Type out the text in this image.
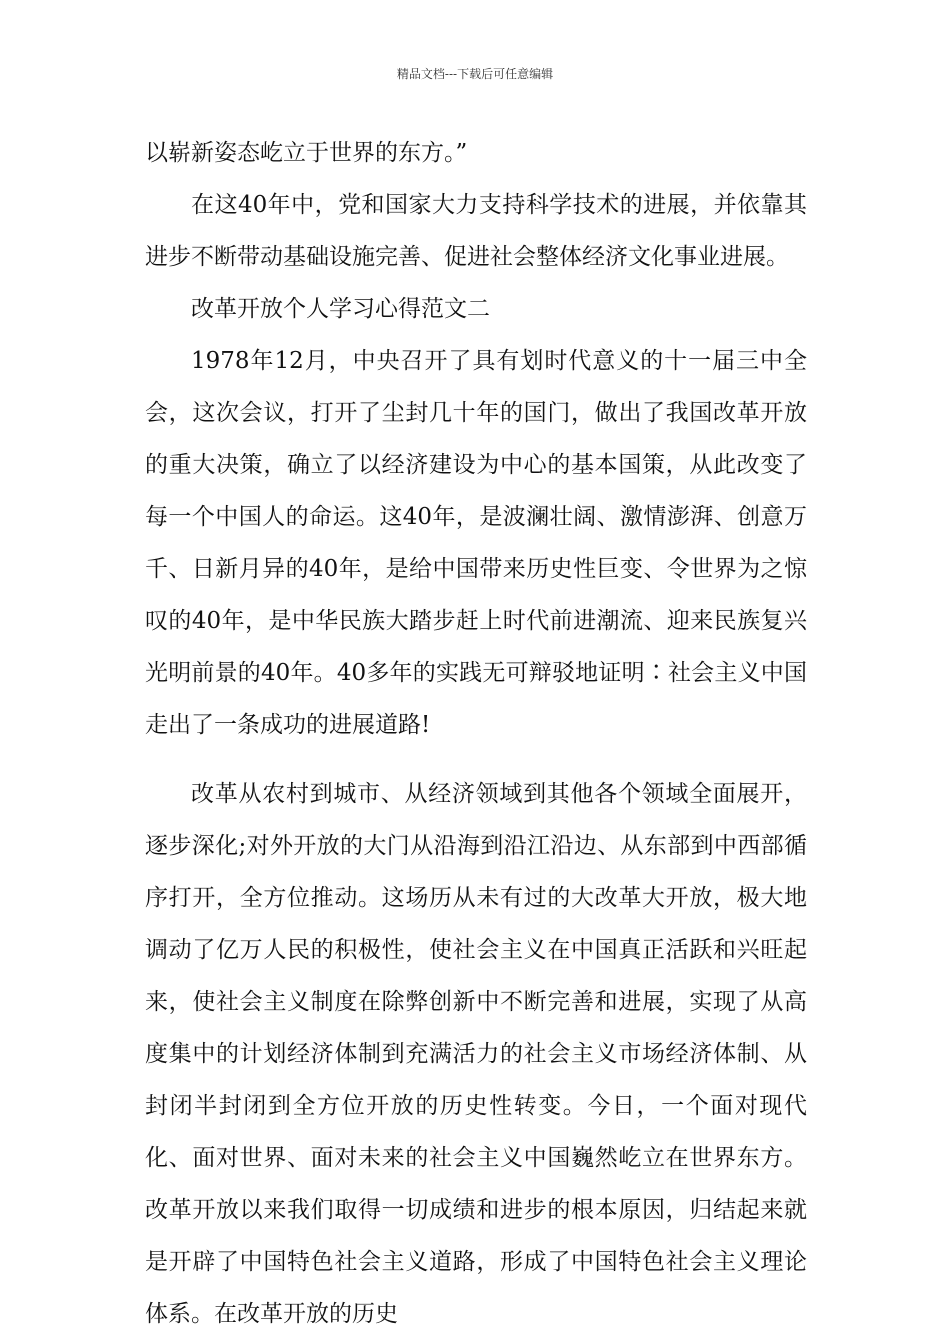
精品文档---下载后可任意编辑

以崭新姿态屹立于世界的东方。”

在这40年中，党和国家大力支持科学技术的进展，并依靠其进步不断带动基础设施完善、促进社会整体经济文化事业进展。

改革开放个人学习心得范文二

1978年12月，中央召开了具有划时代意义的十一届三中全会，这次会议，打开了尘封几十年的国门，做出了我国改革开放的重大决策，确立了以经济建设为中心的基本国策，从此改变了每一个中国人的命运。这40年，是波澜壮阔、激情澎湃、创意万千、日新月异的40年，是给中国带来历史性巨变、令世界为之惊叹的40年，是中华民族大踏步赶上时代前进潮流、迎来民族复兴光明前景的40年。40多年的实践无可辩驳地证明∶社会主义中国走出了一条成功的进展道路!

改革从农村到城市、从经济领域到其他各个领域全面展开，逐步深化;对外开放的大门从沿海到沿江沿边、从东部到中西部循序打开，全方位推动。这场历从未有过的大改革大开放，极大地调动了亿万人民的积极性，使社会主义在中国真正活跃和兴旺起来，使社会主义制度在除弊创新中不断完善和进展，实现了从高度集中的计划经济体制到充满活力的社会主义市场经济体制、从封闭半封闭到全方位开放的历史性转变。今日，一个面对现代化、面对世界、面对未来的社会主义中国巍然屹立在世界东方。改革开放以来我们取得一切成绩和进步的根本原因，归结起来就是开辟了中国特色社会主义道路，形成了中国特色社会主义理论体系。在改革开放的历史
